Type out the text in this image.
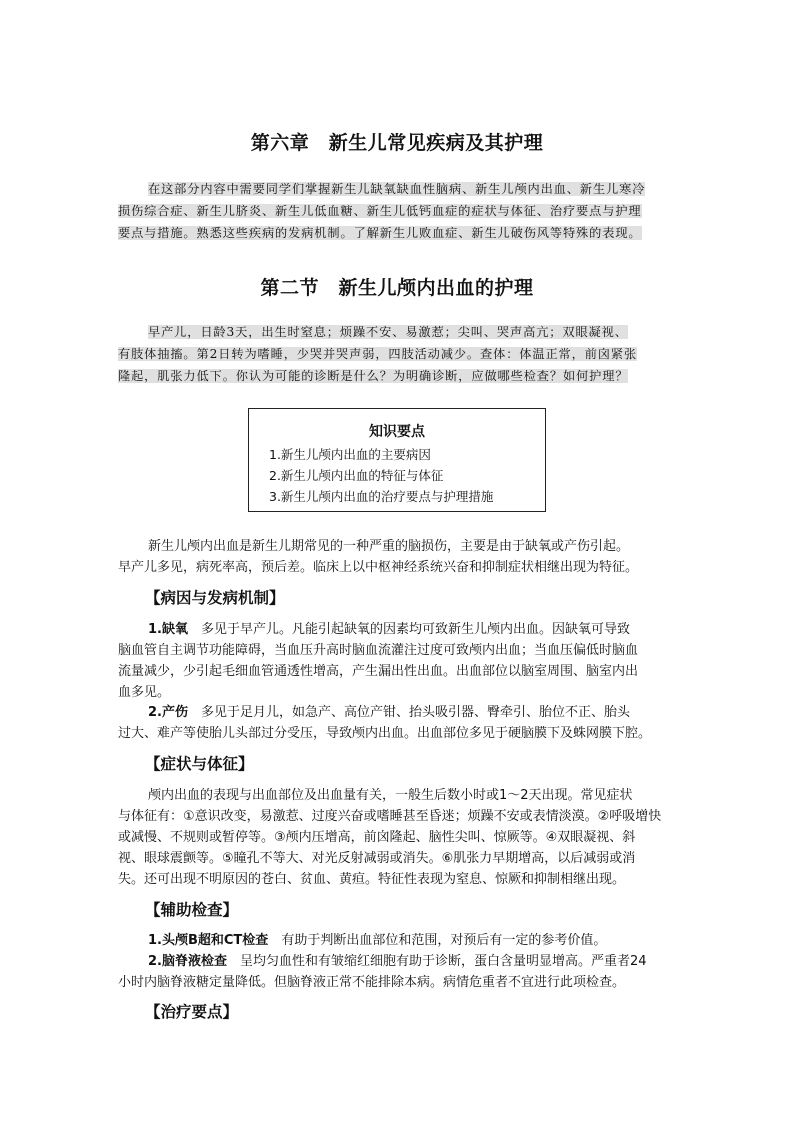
第六章　新生儿常见疾病及其护理
在这部分内容中需要同学们掌握新生儿缺氧缺血性脑病、新生儿颅内出血、新生儿寒冷
损伤综合症、新生儿脐炎、新生儿低血糖、新生儿低钙血症的症状与体征、治疗要点与护理
要点与措施。熟悉这些疾病的发病机制。了解新生儿败血症、新生儿破伤风等特殊的表现。
第二节　新生儿颅内出血的护理
早产儿，日龄3天，出生时窒息；烦躁不安、易激惹；尖叫、哭声高亢；双眼凝视、
有肢体抽搐。第2日转为嗜睡，少哭并哭声弱，四肢活动减少。查体：体温正常，前囟紧张
隆起，肌张力低下。你认为可能的诊断是什么？为明确诊断，应做哪些检查？如何护理？
知识要点
1.新生儿颅内出血的主要病因
2.新生儿颅内出血的特征与体征
3.新生儿颅内出血的治疗要点与护理措施
新生儿颅内出血是新生儿期常见的一种严重的脑损伤，主要是由于缺氧或产伤引起。
早产儿多见，病死率高，预后差。临床上以中枢神经系统兴奋和抑制症状相继出现为特征。
【病因与发病机制】
1.缺氧　多见于早产儿。凡能引起缺氧的因素均可致新生儿颅内出血。因缺氧可导致
脑血管自主调节功能障碍，当血压升高时脑血流灌注过度可致颅内出血；当血压偏低时脑血
流量减少，少引起毛细血管通透性增高，产生漏出性出血。出血部位以脑室周围、脑室内出
血多见。
2.产伤　多见于足月儿，如急产、高位产钳、抬头吸引器、臀牵引、胎位不正、胎头
过大、难产等使胎儿头部过分受压，导致颅内出血。出血部位多见于硬脑膜下及蛛网膜下腔。
【症状与体征】
颅内出血的表现与出血部位及出血量有关，一般生后数小时或1～2天出现。常见症状
与体征有：①意识改变，易激惹、过度兴奋或嗜睡甚至昏迷；烦躁不安或表情淡漠。②呼吸增快
或减慢、不规则或暂停等。③颅内压增高，前囟隆起、脑性尖叫、惊厥等。④双眼凝视、斜
视、眼球震颤等。⑤瞳孔不等大、对光反射减弱或消失。⑥肌张力早期增高，以后减弱或消
失。还可出现不明原因的苍白、贫血、黄疸。特征性表现为窒息、惊厥和抑制相继出现。
【辅助检查】
1.头颅B超和CT检查　有助于判断出血部位和范围，对预后有一定的参考价值。
2.脑脊液检查　呈均匀血性和有皱缩红细胞有助于诊断，蛋白含量明显增高。严重者24
小时内脑脊液糖定量降低。但脑脊液正常不能排除本病。病情危重者不宜进行此项检查。
【治疗要点】
